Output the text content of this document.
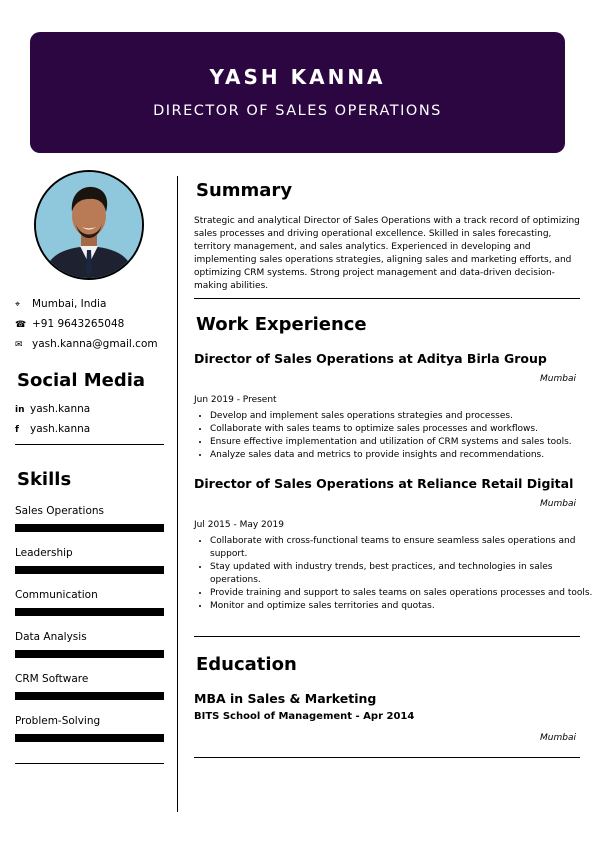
YASH KANNA
DIRECTOR OF SALES OPERATIONS
⌖ Mumbai, India
☎ +91 9643265048
✉ yash.kanna@gmail.com
Social Media
in yash.kanna
f yash.kanna
Skills
Sales Operations
Leadership
Communication
Data Analysis
CRM Software
Problem-Solving
Summary

Strategic and analytical Director of Sales Operations with a track record of optimizing sales processes and driving operational excellence. Skilled in sales forecasting, territory management, and sales analytics. Experienced in developing and implementing sales operations strategies, aligning sales and marketing efforts, and optimizing CRM systems. Strong project management and data-driven decision-making abilities.

Work Experience
Director of Sales Operations at Aditya Birla Group
Mumbai
Jun 2019 - Present
• Develop and implement sales operations strategies and processes.
• Collaborate with sales teams to optimize sales processes and workflows.
• Ensure effective implementation and utilization of CRM systems and sales tools.
• Analyze sales data and metrics to provide insights and recommendations.
Director of Sales Operations at Reliance Retail Digital
Mumbai
Jul 2015 - May 2019
• Collaborate with cross-functional teams to ensure seamless sales operations and support.
• Stay updated with industry trends, best practices, and technologies in sales operations.
• Provide training and support to sales teams on sales operations processes and tools.
• Monitor and optimize sales territories and quotas.
Education
MBA in Sales & Marketing
BITS School of Management - Apr 2014
Mumbai
